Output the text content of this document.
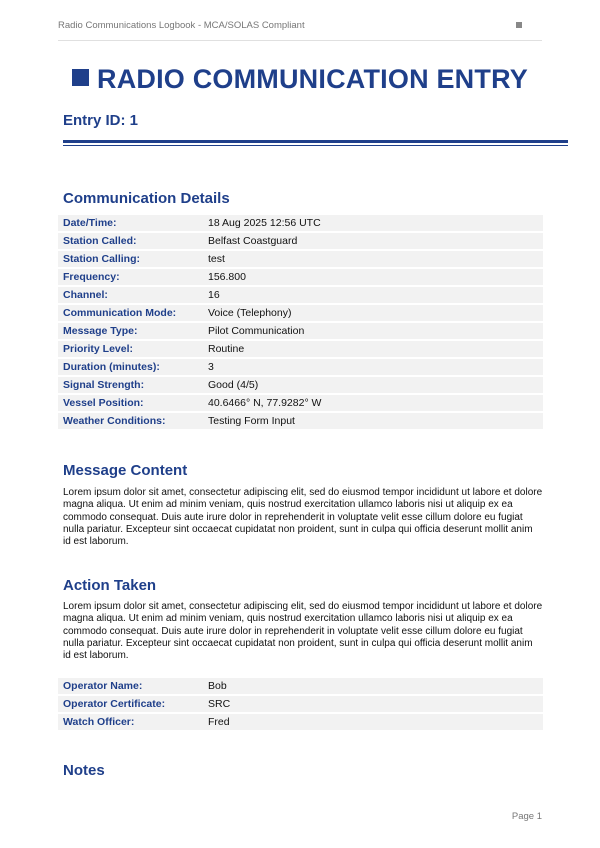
Radio Communications Logbook - MCA/SOLAS Compliant
RADIO COMMUNICATION ENTRY
Entry ID: 1
Communication Details
Date/Time:	18 Aug 2025 12:56 UTC
Station Called:	Belfast Coastguard
Station Calling:	test
Frequency:	156.800
Channel:	16
Communication Mode:	Voice (Telephony)
Message Type:	Pilot Communication
Priority Level:	Routine
Duration (minutes):	3
Signal Strength:	Good (4/5)
Vessel Position:	40.6466° N, 77.9282° W
Weather Conditions:	Testing Form Input
Message Content
Lorem ipsum dolor sit amet, consectetur adipiscing elit, sed do eiusmod tempor incididunt ut labore et dolore magna aliqua. Ut enim ad minim veniam, quis nostrud exercitation ullamco laboris nisi ut aliquip ex ea commodo consequat. Duis aute irure dolor in reprehenderit in voluptate velit esse cillum dolore eu fugiat nulla pariatur. Excepteur sint occaecat cupidatat non proident, sunt in culpa qui officia deserunt mollit anim id est laborum.
Action Taken
Lorem ipsum dolor sit amet, consectetur adipiscing elit, sed do eiusmod tempor incididunt ut labore et dolore magna aliqua. Ut enim ad minim veniam, quis nostrud exercitation ullamco laboris nisi ut aliquip ex ea commodo consequat. Duis aute irure dolor in reprehenderit in voluptate velit esse cillum dolore eu fugiat nulla pariatur. Excepteur sint occaecat cupidatat non proident, sunt in culpa qui officia deserunt mollit anim id est laborum.
Operator Name:	Bob
Operator Certificate:	SRC
Watch Officer:	Fred
Notes
Page 1
